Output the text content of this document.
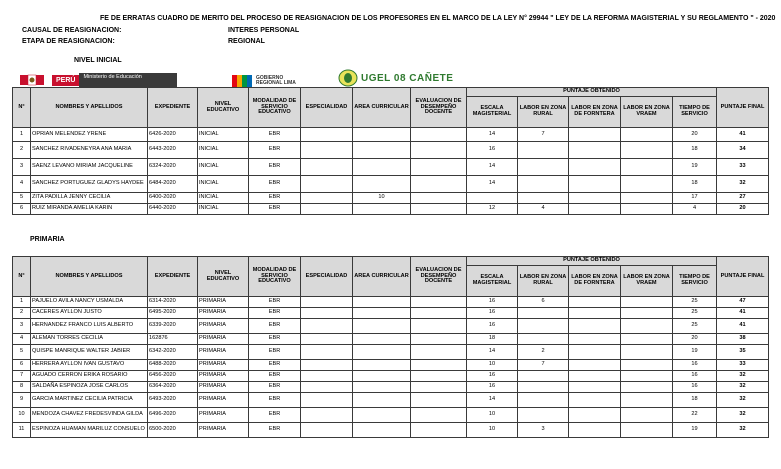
FE DE ERRATAS CUADRO DE MERITO DEL PROCESO DE REASIGNACION DE LOS PROFESORES EN EL MARCO DE LA LEY N° 29944 " LEY DE LA REFORMA MAGISTERIAL Y SU REGLAMENTO " - 2020
CAUSAL DE REASIGNACION:	INTERES PERSONAL
ETAPA DE REASIGNACION:	REGIONAL
NIVEL INICIAL
PERÚ	Ministerio de Educación	GOBIERNO REGIONAL LIMA	UGEL 08 CAÑETE
N°	NOMBRES Y APELLIDOS	EXPEDIENTE	NIVEL EDUCATIVO	MODALIDAD DE SERVICIO EDUCATIVO	ESPECIALIDAD	AREA CURRICULAR	EVALUACION DE DESEMPEÑO DOCENTE	PUNTAJE OBTENIDO					PUNTAJE FINAL
								ESCALA MAGISTERIAL	LABOR EN ZONA RURAL	LABOR EN ZONA DE FORNTERA	LABOR EN ZONA VRAEM	TIEMPO DE SERVICIO	
1	OPRIAN MELENDEZ YRENE	6426-2020	INICIAL	EBR				14	7			20	41
2	SANCHEZ RIVADENEYRA ANA MARIA	6443-2020	INICIAL	EBR				16				18	34
3	SAENZ LEVANO MIRIAM JACQUELINE	6324-2020	INICIAL	EBR				14				19	33
4	SANCHEZ PORTUGUEZ GLADYS HAYDEE	6484-2020	INICIAL	EBR				14				18	32
5	ZITA PADILLA JENNY CECILIA	6400-2020	INICIAL	EBR		10						17	27
6	RUIZ MIRANDA AMELIA KARIN	6440-2020	INICIAL	EBR				12	4			4	20
PRIMARIA
N°	NOMBRES Y APELLIDOS	EXPEDIENTE	NIVEL EDUCATIVO	MODALIDAD DE SERVICIO EDUCATIVO	ESPECIALIDAD	AREA CURRICULAR	EVALUACION DE DESEMPEÑO DOCENTE	PUNTAJE OBTENIDO					PUNTAJE FINAL
								ESCALA MAGISTERIAL	LABOR EN ZONA RURAL	LABOR EN ZONA DE FORNTERA	LABOR EN ZONA VRAEM	TIEMPO DE SERVICIO	
1	PAJUELO AVILA NANCY USMALDA	6314-2020	PRIMARIA	EBR				16	6			25	47
2	CACERES AYLLON JUSTO	6495-2020	PRIMARIA	EBR				16				25	41
3	HERNANDEZ FRANCO LUIS ALBERTO	6339-2020	PRIMARIA	EBR				16				25	41
4	ALEMAN TORRES CECILIA	162876	PRIMARIA	EBR				18				20	38
5	QUISPE MANRIQUE WALTER JABIER	6342-2020	PRIMARIA	EBR				14	2			19	35
6	HERRERA AYLLON IVAN GUSTAVO	6488-2020	PRIMARIA	EBR				10	7			16	33
7	AGUADO CERRON ERIKA ROSARIO	6456-2020	PRIMARIA	EBR				16				16	32
8	SALDAÑA ESPINOZA JOSE CARLOS	6364-2020	PRIMARIA	EBR				16				16	32
9	GARCIA MARTINEZ CECILIA PATRICIA	6493-2020	PRIMARIA	EBR				14				18	32
10	MENDOZA CHAVEZ FREDESVINDA GILDA	6496-2020	PRIMARIA	EBR				10				22	32
11	ESPINOZA HUAMAN MARILUZ CONSUELO	6500-2020	PRIMARIA	EBR				10	3			19	32
